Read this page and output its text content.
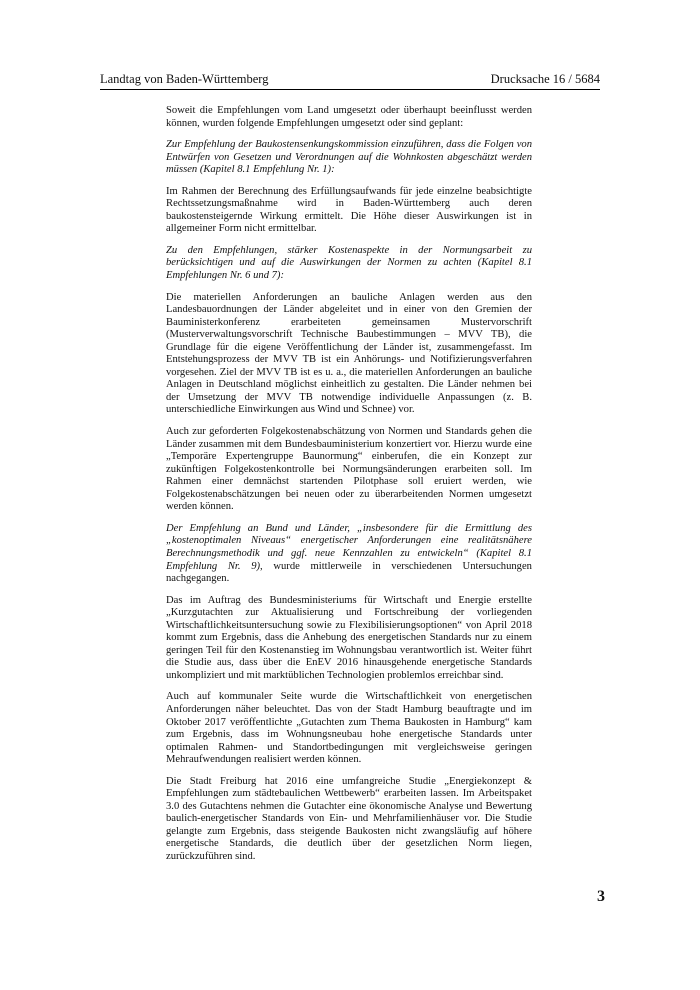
Landtag von Baden-Württemberg	Drucksache 16 / 5684

Soweit die Empfehlungen vom Land umgesetzt oder überhaupt beeinflusst werden können, wurden folgende Empfehlungen umgesetzt oder sind geplant:

Zur Empfehlung der Baukostensenkungskommission einzuführen, dass die Folgen von Entwürfen von Gesetzen und Verordnungen auf die Wohnkosten abgeschätzt werden müssen (Kapitel 8.1 Empfehlung Nr. 1):

Im Rahmen der Berechnung des Erfüllungsaufwands für jede einzelne beabsichtigte Rechtssetzungsmaßnahme wird in Baden-Württemberg auch deren baukostensteigernde Wirkung ermittelt. Die Höhe dieser Auswirkungen ist in allgemeiner Form nicht ermittelbar.

Zu den Empfehlungen, stärker Kostenaspekte in der Normungsarbeit zu berücksichtigen und auf die Auswirkungen der Normen zu achten (Kapitel 8.1 Empfehlungen Nr. 6 und 7):

Die materiellen Anforderungen an bauliche Anlagen werden aus den Landesbauordnungen der Länder abgeleitet und in einer von den Gremien der Bauministerkonferenz erarbeiteten gemeinsamen Mustervorschrift (Musterverwaltungsvorschrift Technische Baubestimmungen – MVV TB), die Grundlage für die eigene Veröffentlichung der Länder ist, zusammengefasst. Im Entstehungsprozess der MVV TB ist ein Anhörungs- und Notifizierungsverfahren vorgesehen. Ziel der MVV TB ist es u. a., die materiellen Anforderungen an bauliche Anlagen in Deutschland möglichst einheitlich zu gestalten. Die Länder nehmen bei der Umsetzung der MVV TB notwendige individuelle Anpassungen (z. B. unterschiedliche Einwirkungen aus Wind und Schnee) vor.

Auch zur geforderten Folgekostenabschätzung von Normen und Standards gehen die Länder zusammen mit dem Bundesbauministerium konzertiert vor. Hierzu wurde eine „Temporäre Expertengruppe Baunormung“ einberufen, die ein Konzept zur zukünftigen Folgekostenkontrolle bei Normungsänderungen erarbeiten soll. Im Rahmen einer demnächst startenden Pilotphase soll eruiert werden, wie Folgekostenabschätzungen bei neuen oder zu überarbeitenden Normen umgesetzt werden können.

Der Empfehlung an Bund und Länder, „insbesondere für die Ermittlung des „kostenoptimalen Niveaus“ energetischer Anforderungen eine realitätsnähere Berechnungsmethodik und ggf. neue Kennzahlen zu entwickeln“ (Kapitel 8.1 Empfehlung Nr. 9), wurde mittlerweile in verschiedenen Untersuchungen nachgegangen.

Das im Auftrag des Bundesministeriums für Wirtschaft und Energie erstellte „Kurzgutachten zur Aktualisierung und Fortschreibung der vorliegenden Wirtschaftlichkeitsuntersuchung sowie zu Flexibilisierungsoptionen“ von April 2018 kommt zum Ergebnis, dass die Anhebung des energetischen Standards nur zu einem geringen Teil für den Kostenanstieg im Wohnungsbau verantwortlich ist. Weiter führt die Studie aus, dass über die EnEV 2016 hinausgehende energetische Standards unkompliziert und mit marktüblichen Technologien problemlos erreichbar sind.

Auch auf kommunaler Seite wurde die Wirtschaftlichkeit von energetischen Anforderungen näher beleuchtet. Das von der Stadt Hamburg beauftragte und im Oktober 2017 veröffentlichte „Gutachten zum Thema Baukosten in Hamburg“ kam zum Ergebnis, dass im Wohnungsneubau hohe energetische Standards unter optimalen Rahmen- und Standortbedingungen mit vergleichsweise geringen Mehraufwendungen realisiert werden können.

Die Stadt Freiburg hat 2016 eine umfangreiche Studie „Energiekonzept & Empfehlungen zum städtebaulichen Wettbewerb“ erarbeiten lassen. Im Arbeitspaket 3.0 des Gutachtens nehmen die Gutachter eine ökonomische Analyse und Bewertung baulich-energetischer Standards von Ein- und Mehrfamilienhäuser vor. Die Studie gelangte zum Ergebnis, dass steigende Baukosten nicht zwangsläufig auf höhere energetische Standards, die deutlich über der gesetzlichen Norm liegen, zurückzuführen sind.

3
